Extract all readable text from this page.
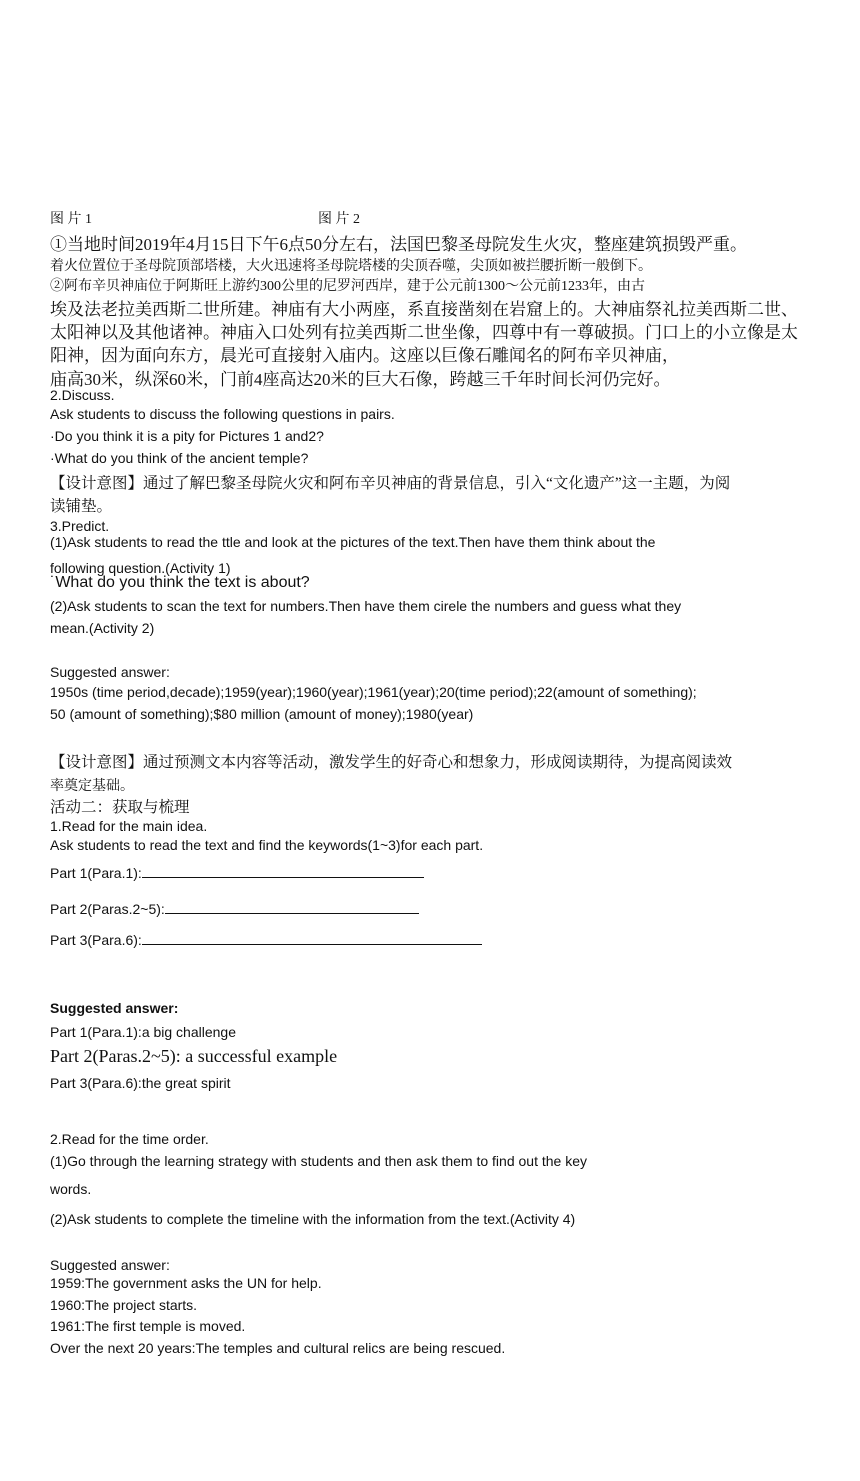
图 片 1	图 片 2
①当地时间2019年4月15日下午6点50分左右，法国巴黎圣母院发生火灾，整座建筑损毁严重。
着火位置位于圣母院顶部塔楼，大火迅速将圣母院塔楼的尖顶吞噬，尖顶如被拦腰折断一般倒下。
②阿布辛贝神庙位于阿斯旺上游约300公里的尼罗河西岸，建于公元前1300～公元前1233年，由古
埃及法老拉美西斯二世所建。神庙有大小两座，系直接凿刻在岩窟上的。大神庙祭礼拉美西斯二世、
太阳神以及其他诸神。神庙入口处列有拉美西斯二世坐像，四尊中有一尊破损。门口上的小立像是太
阳神，因为面向东方，晨光可直接射入庙内。这座以巨像石雕闻名的阿布辛贝神庙，
庙高30米，纵深60米，门前4座高达20米的巨大石像，跨越三千年时间长河仍完好。
2.Discuss.
Ask students to discuss the following questions in pairs.
·Do you think it is a pity for Pictures 1 and2?
·What do you think of the ancient temple?
【设计意图】通过了解巴黎圣母院火灾和阿布辛贝神庙的背景信息，引入“文化遗产”这一主题，为阅
读铺垫。
3.Predict.
(1)Ask students to read the ttle and look at the pictures of the text.Then have them think about the
following question.(Activity 1)
˙What do you think the text is about?
(2)Ask students to scan the text for numbers.Then have them cirele the numbers and guess what they
mean.(Activity 2)
Suggested answer:
1950s (time period,decade);1959(year);1960(year);1961(year);20(time period);22(amount of something);
50 (amount of something);$80 million (amount of money);1980(year)
【设计意图】通过预测文本内容等活动，激发学生的好奇心和想象力，形成阅读期待，为提高阅读效
率奠定基础。
活动二：获取与梳理
1.Read for the main idea.
Ask students to read the text and find the keywords(1~3)for each part.
Part 1(Para.1):
Part 2(Paras.2~5):
Part 3(Para.6):
Suggested answer:
Part 1(Para.1):a big challenge
Part 2(Paras.2~5): a successful example
Part 3(Para.6):the great spirit
2.Read for the time order.
(1)Go through the learning strategy with students and then ask them to find out the key
words.
(2)Ask students to complete the timeline with the information from the text.(Activity 4)
Suggested answer:
1959:The government asks the UN for help.
1960:The project starts.
1961:The first temple is moved.
Over the next 20 years:The temples and cultural relics are being rescued.
